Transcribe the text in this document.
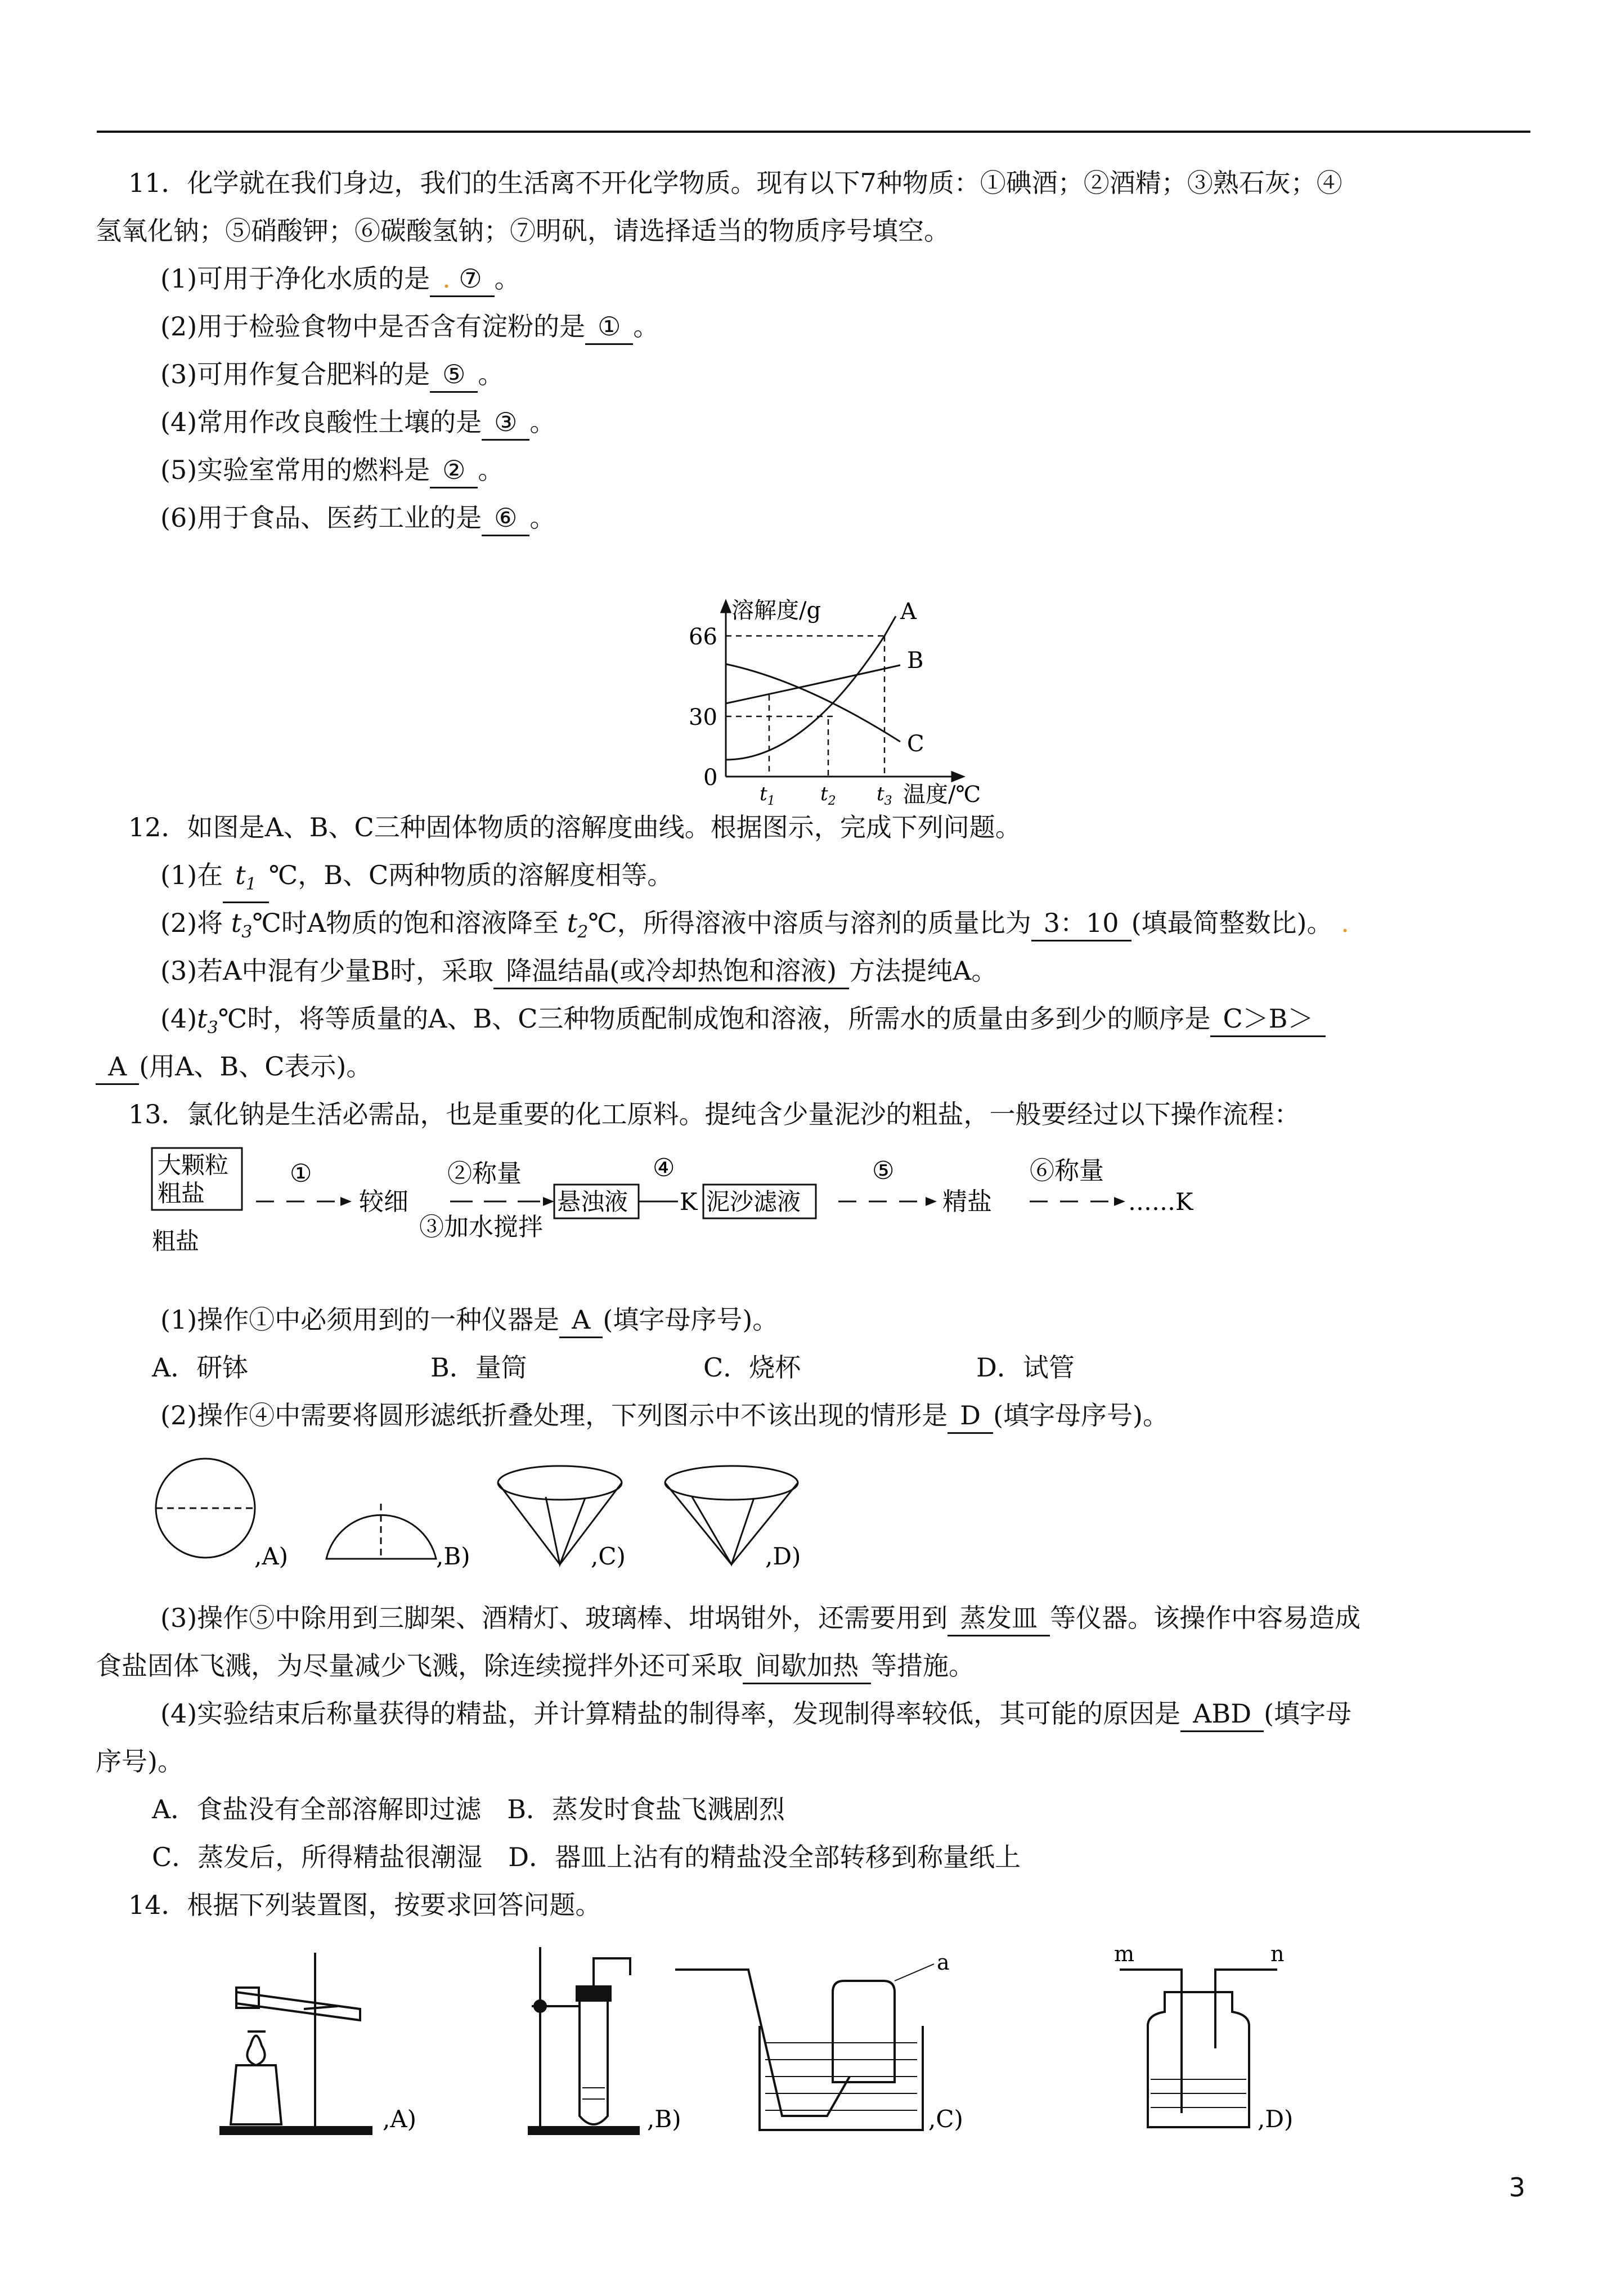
11．化学就在我们身边，我们的生活离不开化学物质。现有以下7种物质：①碘酒；②酒精；③熟石灰；④
氢氧化钠；⑤硝酸钾；⑥碳酸氢钠；⑦明矾，请选择适当的物质序号填空。
(1)可用于净化水质的是 . ⑦ 。
(2)用于检验食物中是否含有淀粉的是 ① 。
(3)可用作复合肥料的是 ⑤ 。
(4)常用作改良酸性土壤的是 ③ 。
(5)实验室常用的燃料是 ② 。
(6)用于食品、医药工业的是 ⑥ 。
溶解度/g
温度/℃
66
30
0
$t_1$ $t_2$ $t_3$
A
B
C
12．如图是A、B、C三种固体物质的溶解度曲线。根据图示，完成下列问题。
(1)在 $t_1$ ℃，B、C两种物质的溶解度相等。
(2)将 $t_3℃$时A物质的饱和溶液降至 $t_2℃$，所得溶液中溶质与溶剂的质量比为 3：10 (填最简整数比)。 .
(3)若A中混有少量B时，采取 降温结晶(或冷却热饱和溶液) 方法提纯A。
$(4)t_3℃$时，将等质量的A、B、C三种物质配制成饱和溶液，所需水的质量由多到少的顺序是 C＞B＞
A (用A、B、C表示)。
13．氯化钠是生活必需品，也是重要的化工原料。提纯含少量泥沙的粗盐，一般要经过以下操作流程：
大颗粒
粗盐
粗盐
①
较细
②称量
③加水搅拌
悬浊液
④
K 泥沙滤液
⑤
精盐
⑥称量
……K
(1)操作①中必须用到的一种仪器是 A (填字母序号)。
A．研钵	B．量筒	C．烧杯	D．试管
(2)操作④中需要将圆形滤纸折叠处理，下列图示中不该出现的情形是 D (填字母序号)。
,A)	,B)	,C)	,D)
(3)操作⑤中除用到三脚架、酒精灯、玻璃棒、坩埚钳外，还需要用到 蒸发皿 等仪器。该操作中容易造成
食盐固体飞溅，为尽量减少飞溅，除连续搅拌外还可采取 间歇加热 等措施。
(4)实验结束后称量获得的精盐，并计算精盐的制得率，发现制得率较低，其可能的原因是 ABD (填字母
序号)。
A．食盐没有全部溶解即过滤　B．蒸发时食盐飞溅剧烈
C．蒸发后，所得精盐很潮湿　D．器皿上沾有的精盐没全部转移到称量纸上
14．根据下列装置图，按要求回答问题。
,A)	,B)
a
,C)
m	n
,D)
3
